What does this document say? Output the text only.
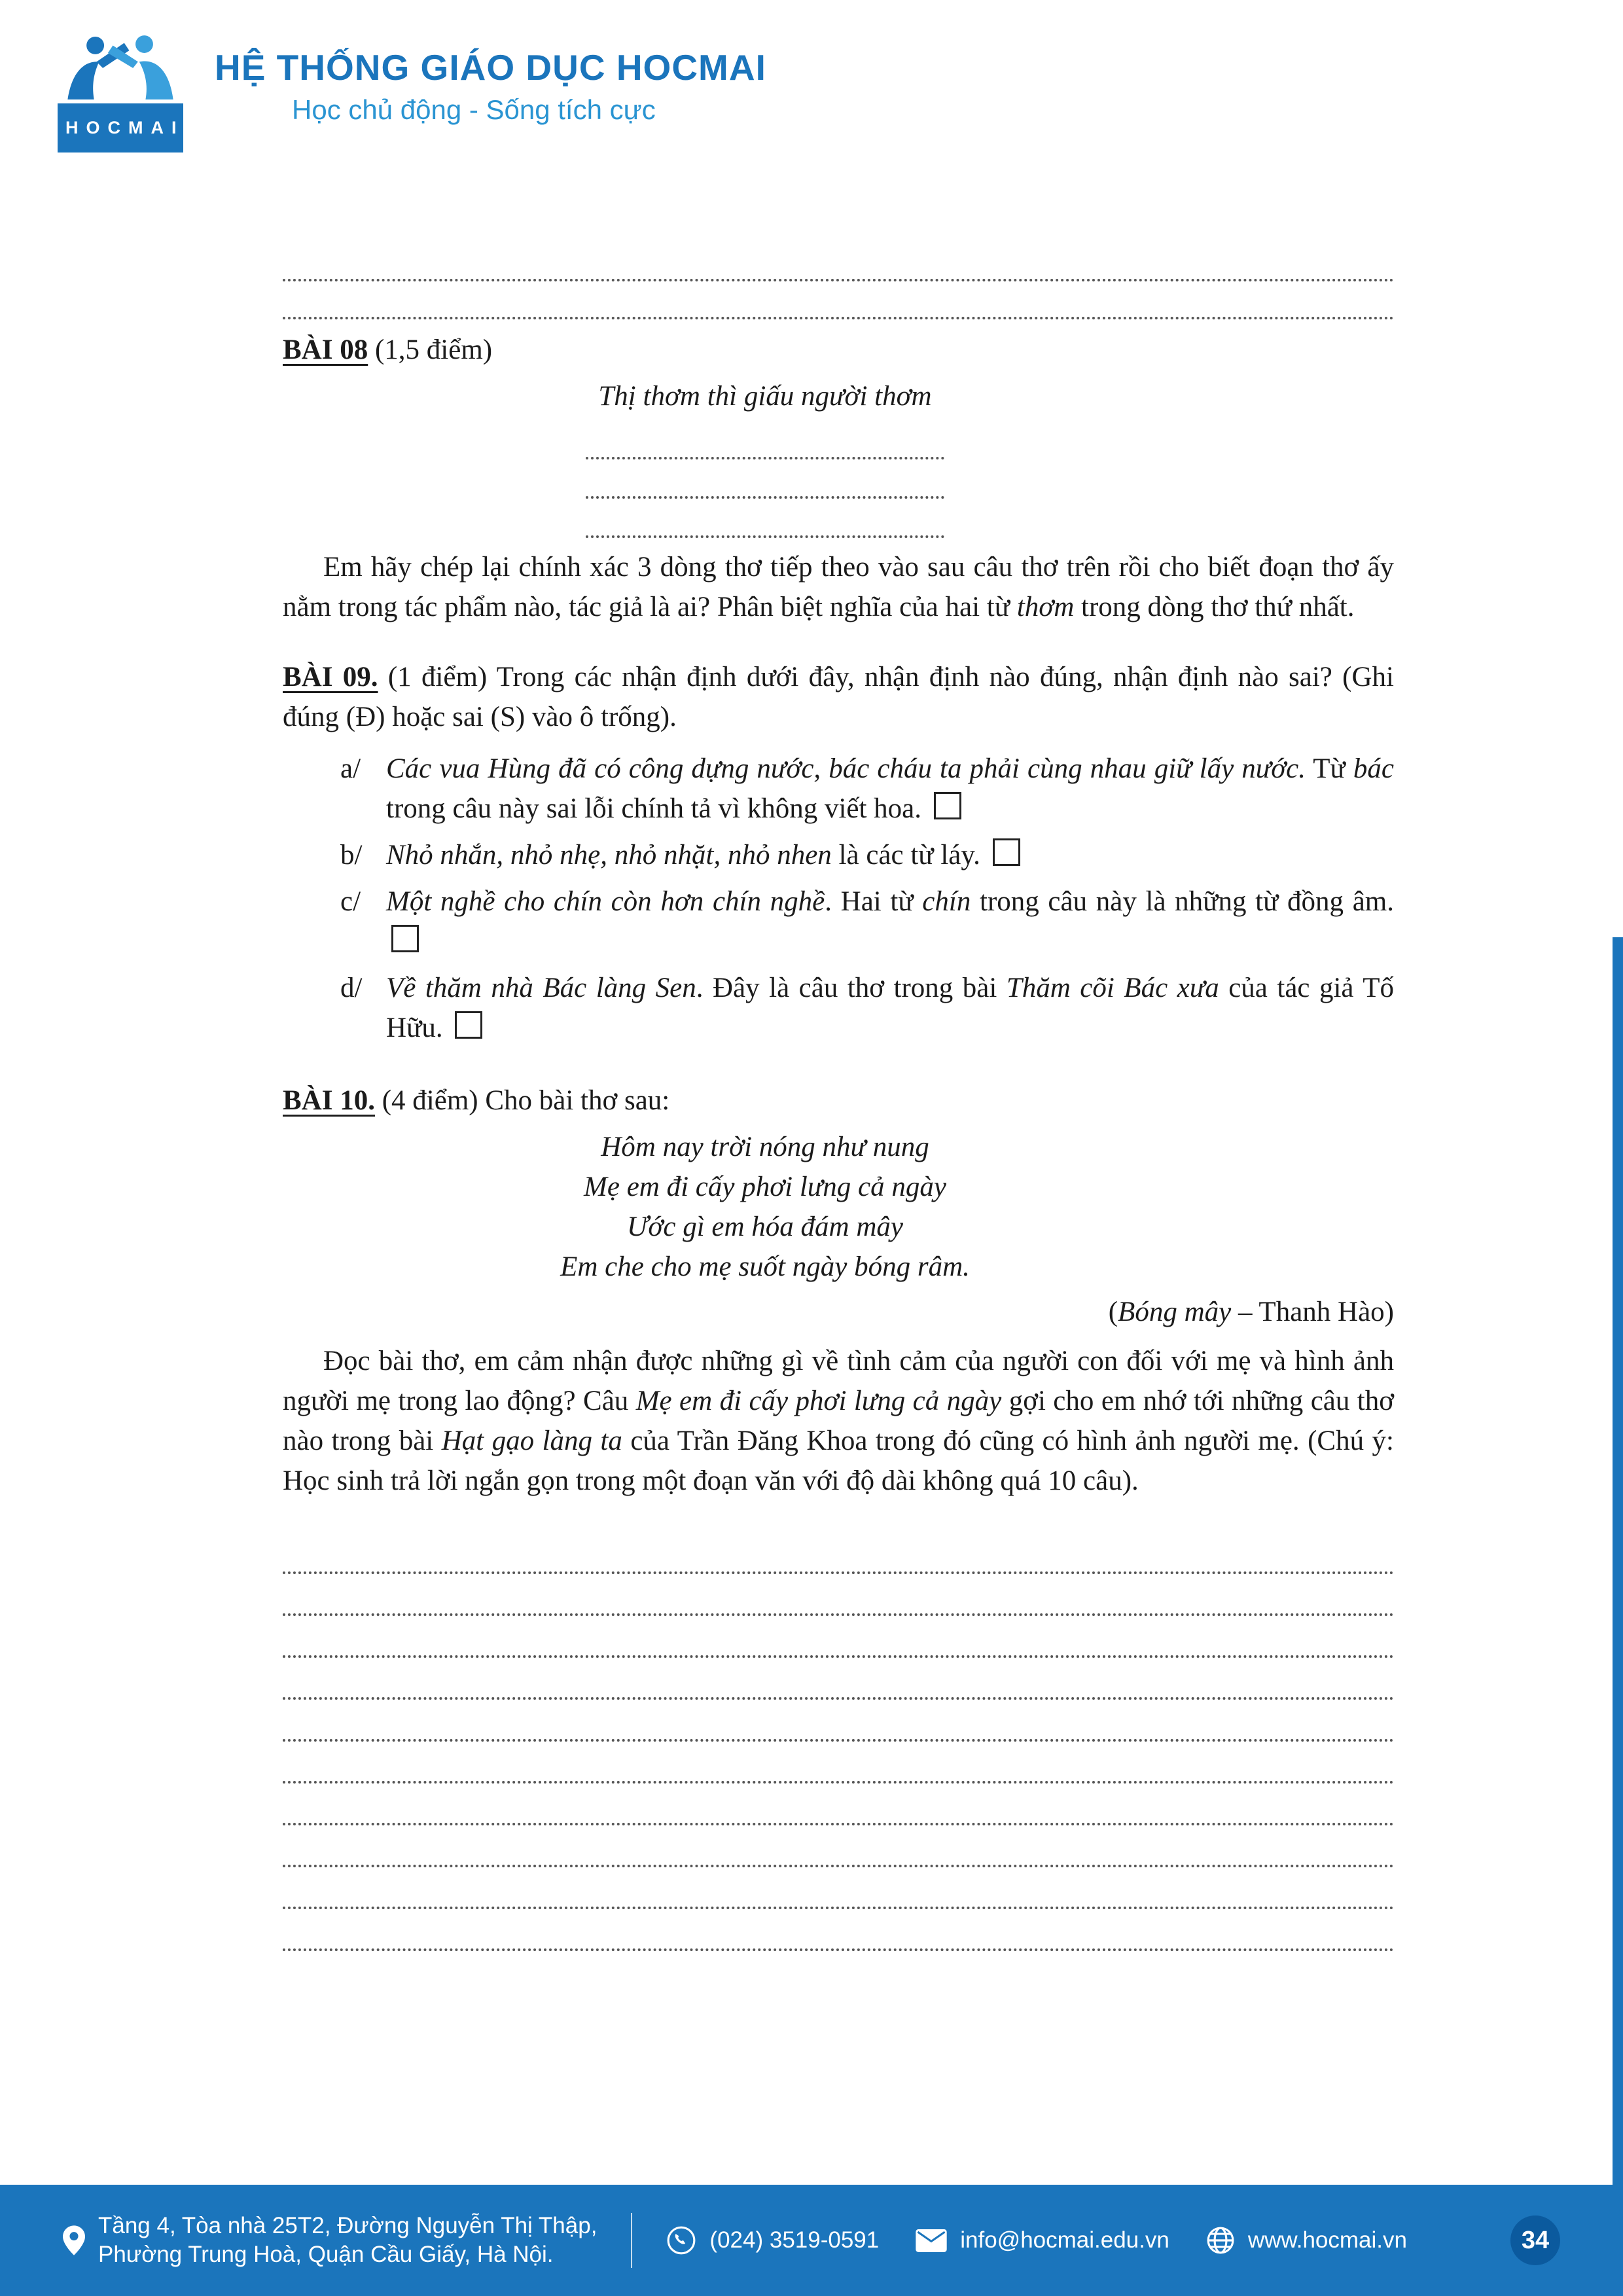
HOCMAI
HỆ THỐNG GIÁO DỤC HOCMAI
Học chủ động - Sống tích cực
BÀI 08 (1,5 điểm)
Thị thơm thì giấu người thơm

Em hãy chép lại chính xác 3 dòng thơ tiếp theo vào sau câu thơ trên rồi cho biết đoạn thơ ấy nằm trong tác phẩm nào, tác giả là ai? Phân biệt nghĩa của hai từ thơm trong dòng thơ thứ nhất.

BÀI 09. (1 điểm) Trong các nhận định dưới đây, nhận định nào đúng, nhận định nào sai? (Ghi đúng (Đ) hoặc sai (S) vào ô trống).
a/ Các vua Hùng đã có công dựng nước, bác cháu ta phải cùng nhau giữ lấy nước. Từ bác trong câu này sai lỗi chính tả vì không viết hoa.
b/ Nhỏ nhắn, nhỏ nhẹ, nhỏ nhặt, nhỏ nhen là các từ láy.
c/ Một nghề cho chín còn hơn chín nghề. Hai từ chín trong câu này là những từ đồng âm.
d/ Về thăm nhà Bác làng Sen. Đây là câu thơ trong bài Thăm cõi Bác xưa của tác giả Tố Hữu.
BÀI 10. (4 điểm) Cho bài thơ sau:
Hôm nay trời nóng như nung
Mẹ em đi cấy phơi lưng cả ngày
Ước gì em hóa đám mây
Em che cho mẹ suốt ngày bóng râm.
(Bóng mây – Thanh Hào)

Đọc bài thơ, em cảm nhận được những gì về tình cảm của người con đối với mẹ và hình ảnh người mẹ trong lao động? Câu Mẹ em đi cấy phơi lưng cả ngày gợi cho em nhớ tới những câu thơ nào trong bài Hạt gạo làng ta của Trần Đăng Khoa trong đó cũng có hình ảnh người mẹ. (Chú ý: Học sinh trả lời ngắn gọn trong một đoạn văn với độ dài không quá 10 câu).

Tầng 4, Tòa nhà 25T2, Đường Nguyễn Thị Thập,
Phường Trung Hoà, Quận Cầu Giấy, Hà Nội.
(024) 3519-0591	info@hocmai.edu.vn	www.hocmai.vn	34
